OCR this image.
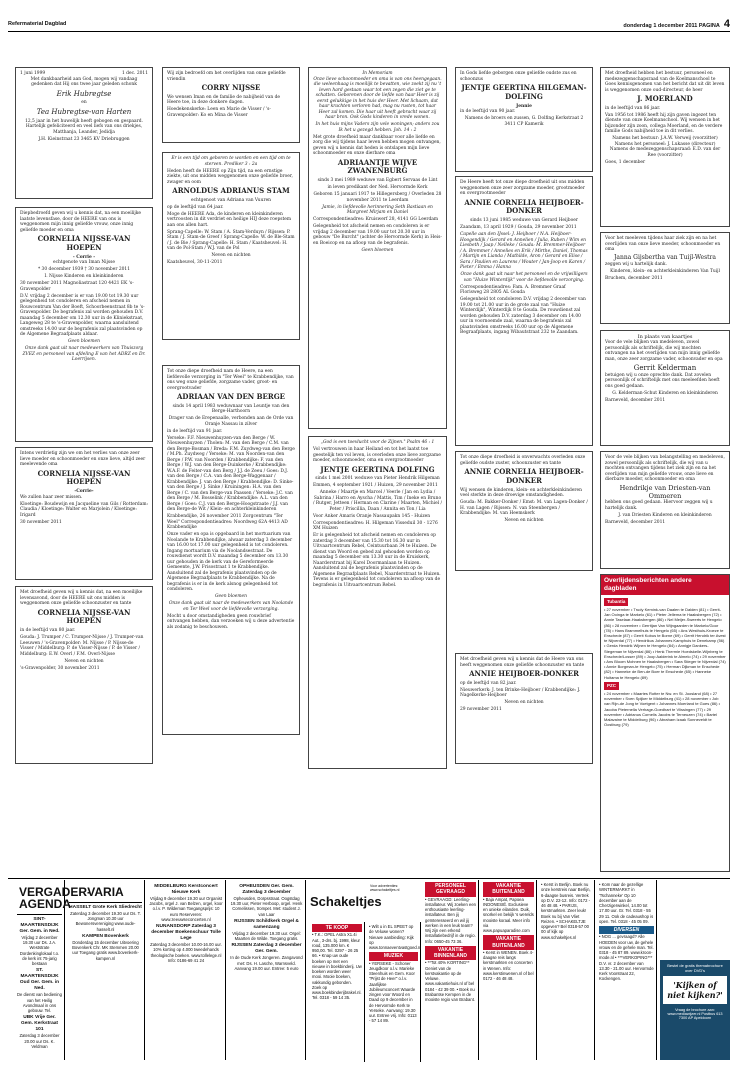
Refermaterial Dagblad	donderdag 1 december 2011 PAGINA 4
1 juni 1999	1 dec. 2011

Met dankbaarheid aan God, mogen wij vandaag gedenken dat Hij ons twee jaar geleden schonk

Erik Hubregtse
en
Tea Hubregtse-van Harten

12,5 jaar in het huwelijk heeft gebogen en gespaard. Hartelijk gefeliciteerd en veel liefs van ons driekjes, Matthanja, Leander, Jedidja

J.H. Kieinstraat 23 3465 KV Driebruggen

Diepbedroefd geven wij u kennis dat, na een moeilijke laatste levensfase, door de HEERE van ons is weggenomen mijn innig geliefde vrouw, onze innig geliefde moeder en oma

CORNELIA NIJSSE-VAN HOEPEN
- Corrie -

echtgenote van Iman Nijsse

* 30 december 1939 † 30 november 2011

I. Nijsse Kinderen en kleinkinderen

30 november 2011 Magnoliastraat 120 4421 EK 's-Gravenpolder

D.V. vrijdag 2 december is er van 19.00 tot 19.30 uur gelegenheid tot condoleren en afscheid nemen in Rouwcentrum Van der Boeft, Schoorbeenstraat 8b te 's-Gravenpolder. De begrafenis zal worden gehouden D.V. maandag 5 december om 12.30 uur in de Kliniekstraat, Langeweg 28 te 's-Gravenpolder, waarna aansluitend omstreeks 14.00 uur de begrafenis zal plaatsvinden op de Algemene Begraafplaats aldaar.

Geen bloemen

Onze dank gaat uit naar medewerkers van Thuiszorg ZVEZ en personeel van afdeling E van het ADRZ en Dr. Loerrijsen.

Intens verdrietig zijn we om het verlies van onze zeer lieve moeder en schoonmoeder en onze lieve, altijd zeer meelevende oma

CORNELIA NIJSSE-VAN HOEPEN
-Corrie-

We zullen haar zeer missen.

Kloetinge: Boudewijn en Jacqueline van Gils / Rotterdam: Claudia / Kloetinge: Walter en Marjolein / Kloetinge: Irigard

30 november 2011

Met droefheid geven wij u kennis dat, na een moeilijke levensavond, door de HEERE uit ons midden is weggenomen onze geliefde schoonzuster en tante

CORNELIA NIJSSE-VAN HOEPEN

in de leeftijd van 80 jaar.

Gouda: J. Trumper / C. Trumper-Nijsse / J. Trumper-van Leeuwen / 's-Gravenpolder: M. Nijsse / P. Nijsse-de Visser / Middelburg: P. de Visser-Nijsse / P. de Visser / Middelburg: E.W. Overl / F.M. Overl-Nijsse

Neven en nichten

's-Gravenpolder, 30 november 2011

Wij zijn bedroefd om het overlijden van onze geliefde vriendin

CORRY NIJSSE

We wensen Iman en de familie de nabijheid van de Heere toe, in deze donkere dagen.

Hoedekenskerke: Leen en Marie de Visser / 's-Gravenpolder: Ko en Mina de Visser

Er is een tijd om geboren te worden en een tijd om te sterven. Prediker 3 : 2a

Heden heeft de HEERE op Zijn tijd, na een ernstige ziekte, uit ons midden weggenomen onze geliefde broer, zwager en oom

ARNOLDUS ADRIANUS STAM

echtgenoot van Adriana van Vuuren

op de leeftijd van 64 jaar.

Moge de HEERE Ada, de kinderen en kleinkinderen vertroosten in dit verdriet en heilige HIJ deze roepstem aan ons allen hart.

Sprang-Capelle: W. Stam / A. Stam-Verduyn / Rijssen: P. Stam / J. Stam-de Greef / Sprang-Capelle: W. de Ble-Stam / J. de Bie / Sprang-Capelle: H. Stam / Kaatsheuvel: H. van de Pol-Stam / W.J. van de Pol

Neven en nichten

Kaatsheuvel, 30-11-2011

Tot onze diepe droefheid nam de Heere, na een liefdevolle verzorging in "Ter Weel" te Krabbendijke, van ons weg onze geliefde, zorgzame vader, groot- en overgrootvader

ADRIAAN VAN DEN BERGE

sinds 14 april 1983 weduwnaar van Leuntje van den Berge-Harthoorn

Drager van de Erepenaalle, verbonden aan de Orde van Oranje Nassau in zilver

in de leeftijd van 91 jaar.

Yerseke: F.F. Nieuwenhuyzen-van den Berge / W. Nieuwenhuyzen / Tholen: M. van den Berge / C.M. van den Berge-Bosman / Breda: F.M. Zuydweg-van den Berge / M.Ph. Zuydweg / Yerseke: M. van Noorden-van den Berge / P.W. van Noorden / Krabbendijke: F. van den Berge / W.J. van den Berge-Duinkerke / Krabbendijke: W.A.F. de Feiter-van den Berg / J.J. de Zeeu / Goes: D.J. van den Berge / C.A. van den Berge-Waggenaar / Krabbendijke: J. van den Berge / Krabbendijke: D. Sinke-van den Berge / J. Sinke / Kruiningen: H.A. van den Berge / C. van den Berge-van Paassen / Yerseke: J.C. van den Berge / M. Bosselink / Krabbendijke: A.L. van den Berge / Goes: C.J. van den Berge-Hoogstraate / J.J. van den Berge-de Wit / Klein- en achterkleinkinderen

Krabbendijke, 26 november 2011 Zorgcentrum "Ter Weel" Correspondentieadres: Noordweg 62A 4413 AD Krabbendijke

Onze vader en opa is opgebaard in het mortuarium van Noolande te Krabbendijke, alwaar zaterdag 3 december van 16.00 tot 17.00 uur gelegenheid is tot condoleren. Ingang mortuarium via de Noolandsestraat. De rouwdienst wordt D.V. maandag 5 december om 13.30 uur gehouden in de kerk van de Gereformeerde Gemeente, J.W. Frisostraat 1 te Krabbendijke. Aansluitend zal de begrafenis plaatsvinden op de Algemene Begraafplaats te Krabbendijke. Na de begrafenis is er in de kerk alsnog gelegenheid tot condoleren.

Geen bloemen

Onze dank gaat uit naar de medewerkers van Noolande en Ter Weel voor de liefdevolle verzorging.

Mocht u door omstandigheden geen rouwbrief ontvangen hebben, dan verzoeken wij u deze advertentie als zodanig te beschouwen.

In Memoriam

Onze lieve schoonmoeder en oma is van ons heengegaan. die weleenhaag is moeilijk te bevatten, wie zoekt zij nu 't leven hard gestaan waar tot een zegen die ziet ge te schatten. Geborenen door de liefde van haar Heer is zij eerst gelukkige in het huis der Heer. Met lichaam, dat haar krachten verloren had, mag nu rusten, tot haar Heer zal komen. Die haar uit heeft gebracht waar zij haar bron. Ook Gods kinderen in vrede wonen.

In het huis mijns Vaders zijn vele woningen; anders zou Ik het u gezegd hebben. Joh. 14 : 2

Met grote droefheid maar dankbaar voor alle liefde en zorg die wij tijdens haar leven hebben mogen ontvangen, geven wij u kennis dat heden is ontslapen mijn lieve schoonmoeder en onze dierbare oma

ADRIAANTJE WIJVE ZWANENBURG

sinds 3 mei 1989 weduwe van Egbert Servaas de Lint

in leven predikant der Ned. Hervormde Kerk

Geboren 15 januari 1917 te Hillegersberg / Overleden 28 november 2011 te Leerdam

Jamie, in liefdevolle herinnering Seth Bastiaan en Margreet Mirjam en Daniel

Correspondentieadres: Kruiswerf 28, 4141 GG Leerdam

Gelegenheid tot afscheid nemen en condoleren is er vrijdag 2 december van 19.00 uur tot 20.30 uur in gebouw "De Burcht" (achter de Hervormde Kerk) in Heis- en Boeicop en na afloop van de begrafenis.

Geen bloemen

„God is een toevlucht voor de Zijnen." Psalm 46 : 1

Vol vertrouwen in haar Heiland en tot het laatst toe geestelijk ten vol leven, is overleden onze lieve zorgzame moeder, schoonmoeder, oma en overgrootmoeder

JENTJE GEERTINA DOLFING

sinds 1 mei 2001 weduwe van Pieter Hendrik Hilgeman

Emmen, 4 september 1921 / Huizen, 29 november 2011

Anneke / Maartje en Marcel / Veerle / Jan en Lydia / Sabrina / Harro en Ayscha / Mattis, Tim / Ineke en Bruno / Rutger, Jetteen / Herman en Clarine / Maarten, Michiel / Peter / Priscillia, Daan / Annita en Ton / Lia

Voor Anker Amaris Oranje Nassaupakn 145 - Huizen

Correspondentieadres: H. Hilgeman Visseduil 30 - 1276 XM Huizen

Er is gelegenheid tot afscheid nemen en condoleren op zaterdag 3 december van 15.30 tot 16.30 uur in Uitvaartcentrum Rebel, Ceintuurbaan 34 te Huizen. De dienst van Woord en gebed zal gehouden worden op maandag 5 december om 13.30 uur in de Kruiskerk, Naarderstraat bij Karel Doormanlaan te Huizen. Aansluitend zal de begrafenis plaatsvinden op de Algemene Begraafplaats Rebel, Naarderstraat te Huizen. Tevens is er gelegenheid tot condoleren na afloop van de begrafenis in Uitvaartcentrum Rebel.

In Gods liefde geborgen onze geliefde oudste zus en schoonzus

JENTJE GEERTINA HILGEMAN-DOLFING
Jennie

in de leeftijd van 90 jaar.

Namens de broers en zussen, G. Dolfing Kerkstraat 2 3411 CP Kamerik

De Heere heeft tot onze diepe droefheid uit ons midden weggenomen onze zeer zorgzame moeder, grootmoeder en overgrootmoeder

ANNIE CORNELIA HEIJBOER-DONKER

sinds 13 juni 1985 weduwe van Gerard Heijboer

Zaandam, 13 april 1929 / Gouda, 29 november 2011

Capelle aan den IJssel: J. Heijboer / N.A. Heijboer-Hoogendijk / Gerard en Annelien / Julia, Ruben / Wim en Liesbeth / Jaap / Nelleke / Gouda: M. Bremmer-Heijboer / A. Bremmer / Annelies en Erik / Mirthe, Daniel, Thomas / Martijn en Lianda / Mathilde, Aron / Gerard en Elise / Sara / Paulien en Laurens / Wouter / Jan-Joop en Karen / Pieter / Emma / Hanna

Onze dank gaat uit naar het personeel en de vrijwilligers van "Huize Winterdijk" voor de liefdevolle verzorging.

Correspondentieadres: Fam. A. Bremmer Graaf Florisweg 28 2805 AL Gouda

Gelegenheid tot condoleren D.V. vrijdag 2 december van 19.00 tot 21.00 uur in de grote zaal van "Huize Winterdijk", Winterdijk 8 te Gouda. De rouwdienst zal worden gehouden D.V. zaterdag 3 december om 14.00 uur in voornoemde zaal, waarna de begrafenis zal plaatsvinden omstreeks 16.00 uur op de Algemene Begraafplaats, ingang Wibautstraat 232 te Zaandam.

Tot onze diepe droefheid is onverwachts overleden onze geliefde oudste zuster, schoonzuster en tante

ANNIE CORNELIA HEIJBOER-DONKER

Wij wensen de kinderen, klein- en achterkleinkinderen veel sterkte in deze droevige omstandigheden.

Gouda: M. Bakker-Donker / Emst: M. van Lagen-Donker / H. van Lagen / Rijssen: N. van Steenbergen / Krabbendijke: M. van Heemskerk

Neven en nichten

Met droefheid geven wij u kennis dat de Heere van ons heeft weggenomen onze geliefde schoonzuster en tante

ANNIE HEIJBOER-DONKER

op de leeftijd van 82 jaar.

Nieuwerkerk: J. ten Brinke-Heijboer / Krabbendijke: J. Nagelkerke-Heijboer

Neven en nichten

29 november 2011

Met droefheid hebben het bestuur, personeel en medezeggenschapsraad van de Koelmanschool te Goes kennisgenomen van het bericht dat uit dit leven is weggenomen onze oud-directeur, de heer

J. MOERLAND

in de leeftijd van 86 jaar.

Van 1956 tot 1986 heeft hij zijn gaven ingezet ten dienste van onze Koelmanschool. Wij wensen in het bijzonder zijn zoon, collega Moerland, en de verdere familie Gods nabijheid toe in dit verlies.

Namens het bestuur: J.A.W. Verweij (voorzitter) Namens het personeel: J. Lukasse (directeur) Namens de medezeggenschapsraad: E.D. van der Ree (voorzitter)

Goes, 1 december

Voor het meeleven tijdens haar ziek zijn en na het overlijden van onze lieve moeder, schoonmoeder en oma

Janna Gijsbertha van Tuijl-Westra

zeggen wij u hartelijk dank.

Kinderen, klein- en achterkleinkinderen Van Tuijl

Bruchem, december 2011

In plaats van kaartjes

Voor de vele blijken van medeleven, zowel persoonlijk als schriftelijk, die wij mochten ontvangen na het overlijden van mijn innig geliefde man, onze zeer zorgzame vader, schoonvader en opa

Gerrit Kelderman

betuigen wij u onze oprechte dank. Dat zovelen persoonlijk of schriftelijk met ons meeleefden heeft ons goed gedaan.

G. Kelderman-Schut Kinderen en kleinkinderen

Barneveld, december 2011

Voor de vele blijken van belangstelling en medeleven, zowel persoonlijk als schriftelijk, die wij van u mochten ontvangen tijdens het ziek zijn en na het overlijden van mijn geliefde vrouw, onze lieve en dierbare moeder, schoonmoeder en oma

Hendrikje van Driesten-van Ommeren

hebben ons goed gedaan. Hiervoor zeggen wij u hartelijk dank.

J. van Driesten Kinderen en kleinkinderen

Barneveld, december 2011

Overlijdensberichten andere dagbladen
Tubantia

• 27 november • Trudy Kemink-van Daalen te Dalden (81) • Gerrit-Jan Ooinga te Markelo (61) • Pieter Jellema te Haaksbergen (72) • Annie Taselaar-Haaksbergen (86) • Nel Meijer-Sweerts te Hengelo (86) • 28 november • Gerritjan Van Wijngaarden te Markelo/Goor (78) • Hans Brammelhuis te Hengelo (65) • Ans Westhuis-Kroeze te Enschede (87) • Gerrit Kobus te Borne (69) • Gerrit Hendrik ter Avest te Nijverdal (77) • Hendrikus Johannes Kamphuis te Denekamp (56) • Gerda Hendrik Wijnen te Hengelo (84) • Annigje Dankers-Stegeman te Nijverdal (86) • Henk Thermie Hoedskelle-Wijnberg te Enschede/Losser (89) • Joop Aalderink te Almelo (74) • 29 november • Ans Bloom Mohnen te Haaksbergen • Sara Stieger te Nijverdal (74) • Annie Borgman-te Hengelo (75) • Herman Dijkman te Enschede (82) • Hanneke de Ben-de Boer te Enschede (65) • Hanneke Huitama te Hengelo (89)

PZC

• 24 november • Maartes Rotter te Nw. en St. Joosland (68) • 27 november • Sven Spijker te Middelburg (41) • 28 november • Job van Rijn-de Jong te Voetgent • Johannes Moerland te Goes (86) • Jacoba Pieternella Verhage-Goedhart te Vlissingen (77) • 29 november • Adrianus Cornelis Jacobs te Terneuzen (74) • Bartel Malavaine te Middelburg (96) • Abraham Izaak Sonneveldt te Oostburg (79)

VERGADER- AGENDA
SINT-MAARTENSDIJK Ger. Gem. in Ned.

Vrijdag 2 december 19.30 uur Ds. J.A. Weststrate Dordenkinglokaal t.o. de kerk int 75-jarig bestaan

ST. MAARTENSDIJK Oud Ger. Gem. in Ned.

De dienst van bediening van het Heilig Avondmaal in ons gebouw. Tel.

UBK Vrije Ger. Gem. Kerkstraat 101

Zaterdag 3 december 20.00 uur Ds. K. Veldman

VARIA
HASSELT Grote Kerk Sliedrecht

Zaterdag 3 december 19.30 uur Ds. T. Jongman 10.30 uur Bewonersvereniging www.oude-hasselt.nl

KAMPEN Bovenkerk

Donderdag 15 december Uitvoering Bovenkerk Chr. MK Stemmen 20.00 uur Toegang gratis www.bovenkerk-kampen.nl

MIDDELBURG Kerstconcert Nieuwe Kerk

Vrijdag 9 december 19.30 uur Organist Jacobs, orgel J. van Belzen, orgel, koor o.l.v. P. Wildeman Toegangsprijs: 10 euro Reserveren: www.zeeuwseconcerten.nl

NUNANSDORP Zaterdag 3 december Boekenschuur Tolle Lege

Zaterdag 3 december 10.00-16.00 uur. 10% korting op 4.000 tweedehands theologische boeken. www.tollelege.nl Info: 0186-69 41 24

OPHEUSDEN Ger. Gem. Zaterdag 3 december

Opheusden, Dorpsstraat. Oogstdag 19.30 uur, Pieter Herboop, orgel. Henk Cornelissen, trompet. Met: student J. van Laar

RIJSSEN Schildkerk Orgel & samenzang

Vrijdag 2 december 19.30 uur. Orgel: Maarten de Wilde. Toegang gratis.

RIJSSEN Zaterdag 3 december Ger. Gem.

In de Oude Kerk Jongeren. Zangavond met: Ds. H. Lasche, Warnsveld. Aanvang 19.00 uur. Entree: 5 euro

Schakeltjes
Voor advertenties: www.schakeltjes.nl
TE KOOP

• T.K.: OPEL Astra X1.4i Aut., 3-drs. bj. 1998, kleur rood, 135.000 km. € 950,00. Tel. 0297 - 26 25 66. • Knap uw oude boeken op met een nieuwe in boekbinderij. Uw boeken worden weer mooi. Mooie boeken, vakkundig gebonden. Zoek op www.boekbinderijbrakel.nl. Tel. 0318 - 59 14 35.

• Wilt u in EL SPEET op de Veluwe wonen? Nieuwe aanbieding: Kijk op www.tonnaeventvastgoed.nl

MUZIEK

• YERSEKE - Schoner Jeugdkoor o.l.v. Marieke Steenhuis en Gem. Koor "Prijst de Heer" o.l.v. Jaarlijkse Jubileumconcert Waarde zingen voor Woord en Daad op 9 december in de Hervormde Kerk te Yerseke. Aanvang: 19.30 uur. Entree vrij. Info: 0113 - 57 14 89.

PERSONEEL GEVRAAGD

• GEVRAAGD: Leerling-installateur. Wij zoeken een enthousiaste leerling-installateur. Ben jij geïnteresseerd en wil jij werken in een leuk team? Wij zijn een erkend installatiebedrijf in de regio. Info: 0650-45 73 36.

VAKANTIE BINNENLAND

• **Tot 40% KORTING** Geniet van de kerstvakantie op de Veluwe. www.vakantiehuis.nl of bel 0184 - 42 39 00. • Boek nu Brabantse Kempen in de mooiste regio van Brabant.

VAKANTIE BUITENLAND

• Baja Ampat, Papoea INDONESIË. Exclusieve en unieke eilanden. Duik, snorkel en bekijk 's werelds mooiste koraal. Meer info via www.papuaparadise.com

VAKANTIE BUITENLAND

• Kerst in WENEN. Boek 4-daagse reis langs kerstmarkten en concerten in Wenen. Info: www.kerstinwenen.nl of bel 0172 - 46 48 48.

• Kerst in Berlijn. Boek nu onze kerstreis naar Berlijn, 6-daagse busreis. Vertrek op D.V. 22-12. Info: 0172 - 46 48 48. • PARIJS, kerstmarkten. Zeer leuk! Boek nu bij Van Vliet Reizen. • SCHAKELTJE opgeven? Bel 0318-57 00 00 of kijk op www.schakeltjes.nl

• Kom naar de gezellige WINTERMARKT in 'Tschanneke' Op 10 december aan de Cherzigerwinkel, 14.00 tot 17.00 uur. Gr. Tel. 0318 - 55 29 11. Ook de cadeaushop is open. Tel. 0318 - 45 05 09.

DIVERSEN

• NOG ... gevraagd? Alle HOEDEN voor uw, de gehele vrouw en de gehele man. Tel. 0318 - 45 87 89. www.kroon-mode.nl • ***VERKOPING*** D.V. vr. 2 december van 13.30 - 21.00 uur. Hervormde Kerk Voorstraat 22, Kockengen.

Bestel de gratis themabrochure over DVD's
'Kijken of niet kijken?'
Vraag de brochure aan: www.mediawijzer.nl Postbus 613 7300 AP Apeldoorn
